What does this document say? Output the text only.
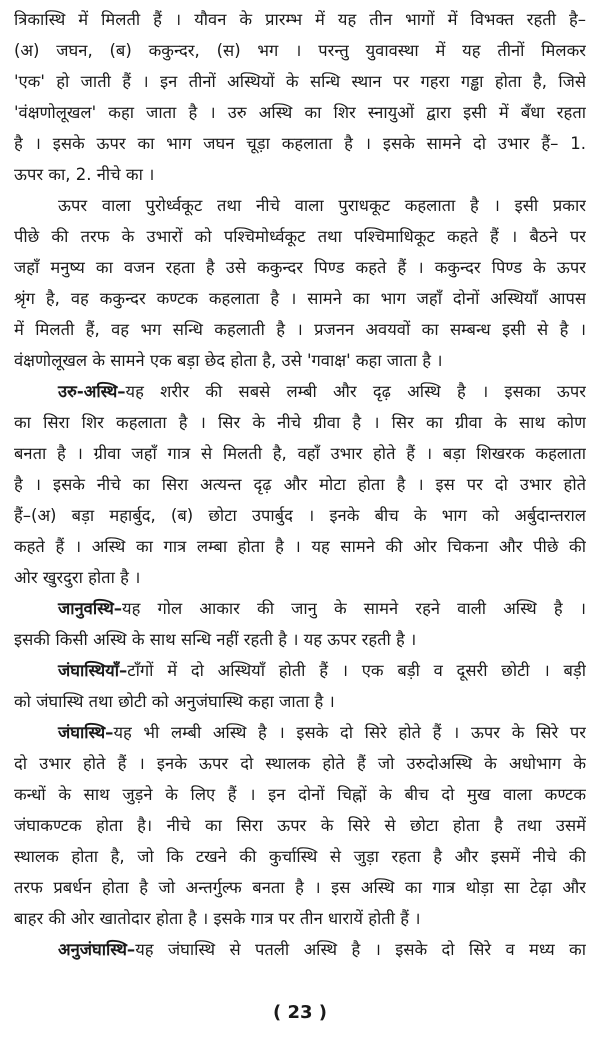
त्रिकास्थि में मिलती हैं । यौवन के प्रारम्भ में यह तीन भागों में विभक्त रहती है–
(अ) जघन, (ब) ककुन्दर, (स) भग । परन्तु युवावस्था में यह तीनों मिलकर
'एक' हो जाती हैं । इन तीनों अस्थियों के सन्धि स्थान पर गहरा गड्ढा होता है, जिसे
'वंक्षणोलूखल' कहा जाता है । उरु अस्थि का शिर स्नायुओं द्वारा इसी में बँधा रहता
है । इसके ऊपर का भाग जघन चूड़ा कहलाता है । इसके सामने दो उभार हैं– 1.
ऊपर का, 2. नीचे का ।
ऊपर वाला पुरोर्ध्वकूट तथा नीचे वाला पुराधकूट कहलाता है । इसी प्रकार
पीछे की तरफ के उभारों को पश्चिमोर्ध्वकूट तथा पश्चिमाधिकूट कहते हैं । बैठने पर
जहाँ मनुष्य का वजन रहता है उसे ककुन्दर पिण्ड कहते हैं । ककुन्दर पिण्ड के ऊपर
श्रृंग है, वह ककुन्दर कण्टक कहलाता है । सामने का भाग जहाँ दोनों अस्थियाँ आपस
में मिलती हैं, वह भग सन्धि कहलाती है । प्रजनन अवयवों का सम्बन्ध इसी से है ।
वंक्षणोलूखल के सामने एक बड़ा छेद होता है, उसे 'गवाक्ष' कहा जाता है ।
उरु-अस्थि–यह शरीर की सबसे लम्बी और दृढ़ अस्थि है । इसका ऊपर
का सिरा शिर कहलाता है । सिर के नीचे ग्रीवा है । सिर का ग्रीवा के साथ कोण
बनता है । ग्रीवा जहाँ गात्र से मिलती है, वहाँ उभार होते हैं । बड़ा शिखरक कहलाता
है । इसके नीचे का सिरा अत्यन्त दृढ़ और मोटा होता है । इस पर दो उभार होते
हैं–(अ) बड़ा महार्बुद, (ब) छोटा उपार्बुद । इनके बीच के भाग को अर्बुदान्तराल
कहते हैं । अस्थि का गात्र लम्बा होता है । यह सामने की ओर चिकना और पीछे की
ओर खुरदुरा होता है ।
जानुवस्थि–यह गोल आकार की जानु के सामने रहने वाली अस्थि है ।
इसकी किसी अस्थि के साथ सन्धि नहीं रहती है । यह ऊपर रहती है ।
जंघास्थियाँ–टाँगों में दो अस्थियाँ होती हैं । एक बड़ी व दूसरी छोटी । बड़ी
को जंघास्थि तथा छोटी को अनुजंघास्थि कहा जाता है ।
जंघास्थि–यह भी लम्बी अस्थि है । इसके दो सिरे होते हैं । ऊपर के सिरे पर
दो उभार होते हैं । इनके ऊपर दो स्थालक होते हैं जो उरुदोअस्थि के अधोभाग के
कन्धों के साथ जुड़ने के लिए हैं । इन दोनों चिह्नों के बीच दो मुख वाला कण्टक
जंघाकण्टक होता है। नीचे का सिरा ऊपर के सिरे से छोटा होता है तथा उसमें
स्थालक होता है, जो कि टखने की कुर्चास्थि से जुड़ा रहता है और इसमें नीचे की
तरफ प्रबर्धन होता है जो अन्तर्गुल्फ बनता है । इस अस्थि का गात्र थोड़ा सा टेढ़ा और
बाहर की ओर खातोदार होता है । इसके गात्र पर तीन धारायें होती हैं ।
अनुजंघास्थि–यह जंघास्थि से पतली अस्थि है । इसके दो सिरे व मध्य का
( 23 )
